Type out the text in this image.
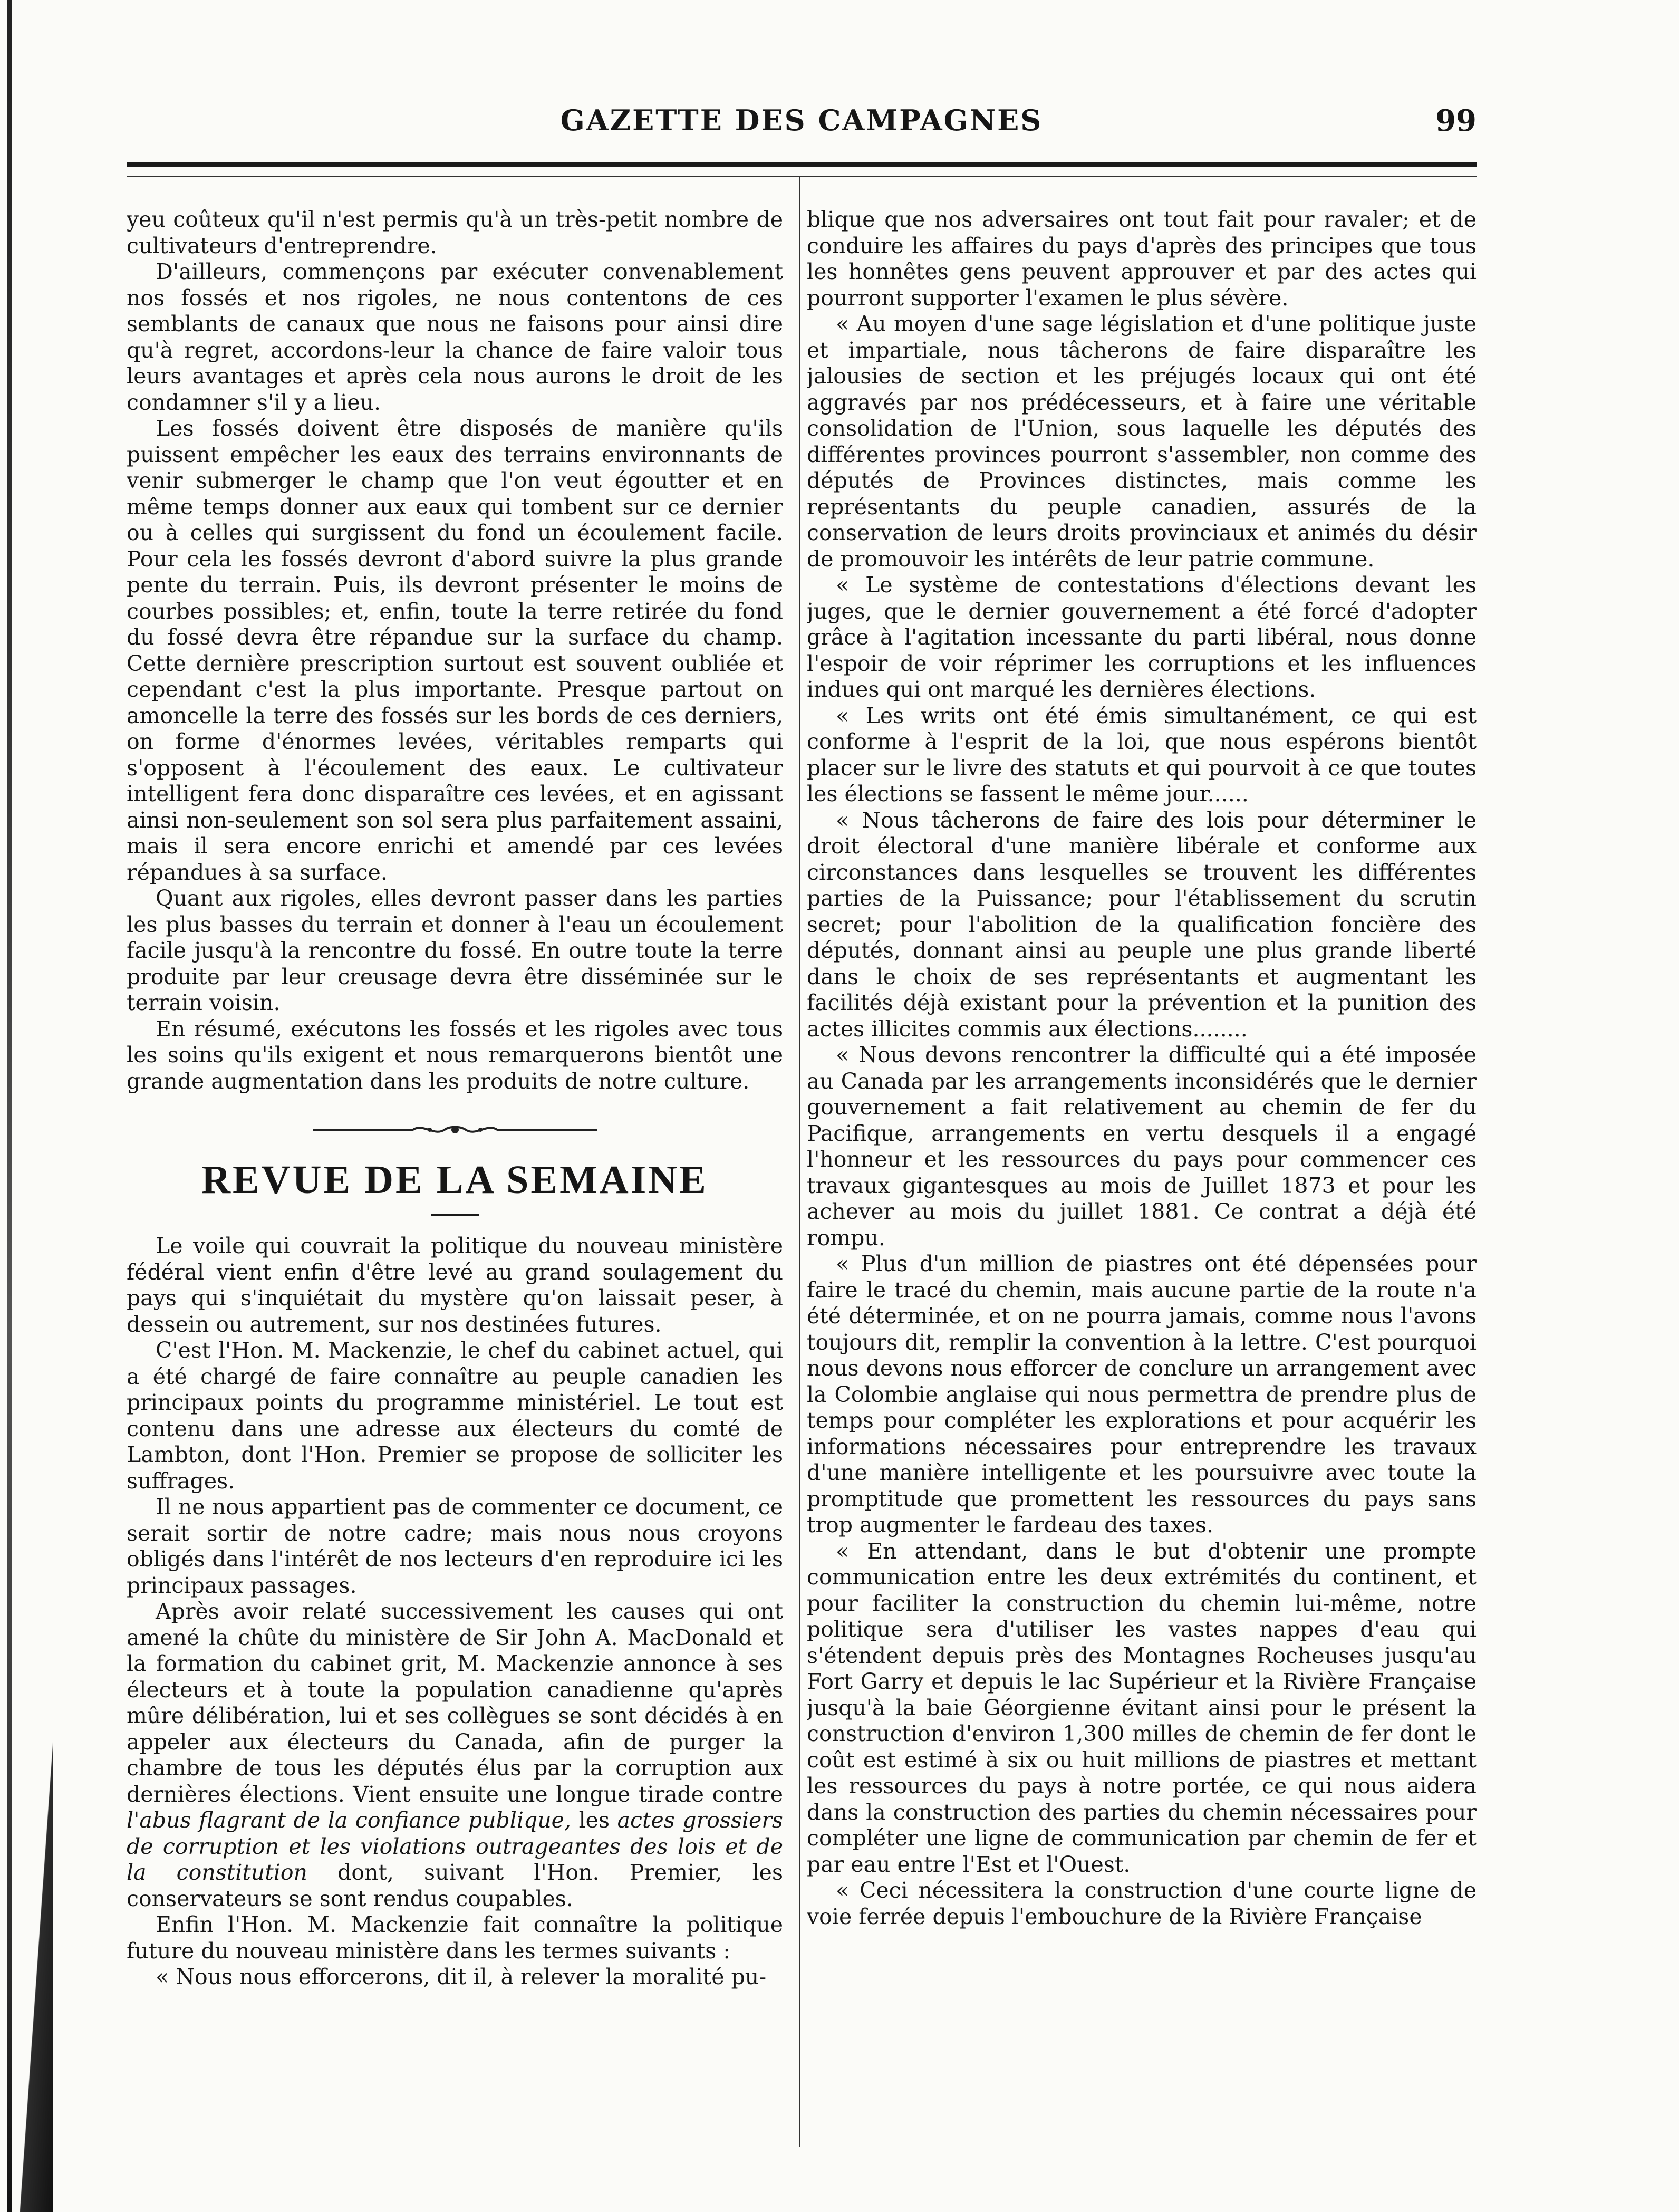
GAZETTE DES CAMPAGNES	99

yeu coûteux qu'il n'est permis qu'à un très-petit nombre de cultivateurs d'entreprendre.

D'ailleurs, commençons par exécuter convenablement nos fossés et nos rigoles, ne nous contentons de ces semblants de canaux que nous ne faisons pour ainsi dire qu'à regret, accordons-leur la chance de faire valoir tous leurs avantages et après cela nous aurons le droit de les condamner s'il y a lieu.

Les fossés doivent être disposés de manière qu'ils puissent empêcher les eaux des terrains environnants de venir submerger le champ que l'on veut égoutter et en même temps donner aux eaux qui tombent sur ce dernier ou à celles qui surgissent du fond un écoulement facile. Pour cela les fossés devront d'abord suivre la plus grande pente du terrain. Puis, ils devront présenter le moins de courbes possibles; et, enfin, toute la terre retirée du fond du fossé devra être répandue sur la surface du champ. Cette dernière prescription surtout est souvent oubliée et cependant c'est la plus importante. Presque partout on amoncelle la terre des fossés sur les bords de ces derniers, on forme d'énormes levées, véritables remparts qui s'opposent à l'écoulement des eaux. Le cultivateur intelligent fera donc disparaître ces levées, et en agissant ainsi non-seulement son sol sera plus parfaitement assaini, mais il sera encore enrichi et amendé par ces levées répandues à sa surface.

Quant aux rigoles, elles devront passer dans les parties les plus basses du terrain et donner à l'eau un écoulement facile jusqu'à la rencontre du fossé. En outre toute la terre produite par leur creusage devra être disséminée sur le terrain voisin.

En résumé, exécutons les fossés et les rigoles avec tous les soins qu'ils exigent et nous remarquerons bientôt une grande augmentation dans les produits de notre culture.

REVUE DE LA SEMAINE

Le voile qui couvrait la politique du nouveau ministère fédéral vient enfin d'être levé au grand soulagement du pays qui s'inquiétait du mystère qu'on laissait peser, à dessein ou autrement, sur nos destinées futures.

C'est l'Hon. M. Mackenzie, le chef du cabinet actuel, qui a été chargé de faire connaître au peuple canadien les principaux points du programme ministériel. Le tout est contenu dans une adresse aux électeurs du comté de Lambton, dont l'Hon. Premier se propose de solliciter les suffrages.

Il ne nous appartient pas de commenter ce document, ce serait sortir de notre cadre; mais nous nous croyons obligés dans l'intérêt de nos lecteurs d'en reproduire ici les principaux passages.

Après avoir relaté successivement les causes qui ont amené la chûte du ministère de Sir John A. MacDonald et la formation du cabinet grit, M. Mackenzie annonce à ses électeurs et à toute la population canadienne qu'après mûre délibération, lui et ses collègues se sont décidés à en appeler aux électeurs du Canada, afin de purger la chambre de tous les députés élus par la corruption aux dernières élections. Vient ensuite une longue tirade contre l'abus flagrant de la confiance publique, les actes grossiers de corruption et les violations outrageantes des lois et de la constitution dont, suivant l'Hon. Premier, les conservateurs se sont rendus coupables.

Enfin l'Hon. M. Mackenzie fait connaître la politique future du nouveau ministère dans les termes suivants :

« Nous nous efforcerons, dit il, à relever la moralité pu-

blique que nos adversaires ont tout fait pour ravaler; et de conduire les affaires du pays d'après des principes que tous les honnêtes gens peuvent approuver et par des actes qui pourront supporter l'examen le plus sévère.

« Au moyen d'une sage législation et d'une politique juste et impartiale, nous tâcherons de faire disparaître les jalousies de section et les préjugés locaux qui ont été aggravés par nos prédécesseurs, et à faire une véritable consolidation de l'Union, sous laquelle les députés des différentes provinces pourront s'assembler, non comme des députés de Provinces distinctes, mais comme les représentants du peuple canadien, assurés de la conservation de leurs droits provinciaux et animés du désir de promouvoir les intérêts de leur patrie commune.

« Le système de contestations d'élections devant les juges, que le dernier gouvernement a été forcé d'adopter grâce à l'agitation incessante du parti libéral, nous donne l'espoir de voir réprimer les corruptions et les influences indues qui ont marqué les dernières élections.

« Les writs ont été émis simultanément, ce qui est conforme à l'esprit de la loi, que nous espérons bientôt placer sur le livre des statuts et qui pourvoit à ce que toutes les élections se fassent le même jour......

« Nous tâcherons de faire des lois pour déterminer le droit électoral d'une manière libérale et conforme aux circonstances dans lesquelles se trouvent les différentes parties de la Puissance; pour l'établissement du scrutin secret; pour l'abolition de la qualification foncière des députés, donnant ainsi au peuple une plus grande liberté dans le choix de ses représentants et augmentant les facilités déjà existant pour la prévention et la punition des actes illicites commis aux élections........

« Nous devons rencontrer la difficulté qui a été imposée au Canada par les arrangements inconsidérés que le dernier gouvernement a fait relativement au chemin de fer du Pacifique, arrangements en vertu desquels il a engagé l'honneur et les ressources du pays pour commencer ces travaux gigantesques au mois de Juillet 1873 et pour les achever au mois du juillet 1881. Ce contrat a déjà été rompu.

« Plus d'un million de piastres ont été dépensées pour faire le tracé du chemin, mais aucune partie de la route n'a été déterminée, et on ne pourra jamais, comme nous l'avons toujours dit, remplir la convention à la lettre. C'est pourquoi nous devons nous efforcer de conclure un arrangement avec la Colombie anglaise qui nous permettra de prendre plus de temps pour compléter les explorations et pour acquérir les informations nécessaires pour entreprendre les travaux d'une manière intelligente et les poursuivre avec toute la promptitude que promettent les ressources du pays sans trop augmenter le fardeau des taxes.

« En attendant, dans le but d'obtenir une prompte communication entre les deux extrémités du continent, et pour faciliter la construction du chemin lui-même, notre politique sera d'utiliser les vastes nappes d'eau qui s'étendent depuis près des Montagnes Rocheuses jusqu'au Fort Garry et depuis le lac Supérieur et la Rivière Française jusqu'à la baie Géorgienne évitant ainsi pour le présent la construction d'environ 1,300 milles de chemin de fer dont le coût est estimé à six ou huit millions de piastres et mettant les ressources du pays à notre portée, ce qui nous aidera dans la construction des parties du chemin nécessaires pour compléter une ligne de communication par chemin de fer et par eau entre l'Est et l'Ouest.

« Ceci nécessitera la construction d'une courte ligne de voie ferrée depuis l'embouchure de la Rivière Française
